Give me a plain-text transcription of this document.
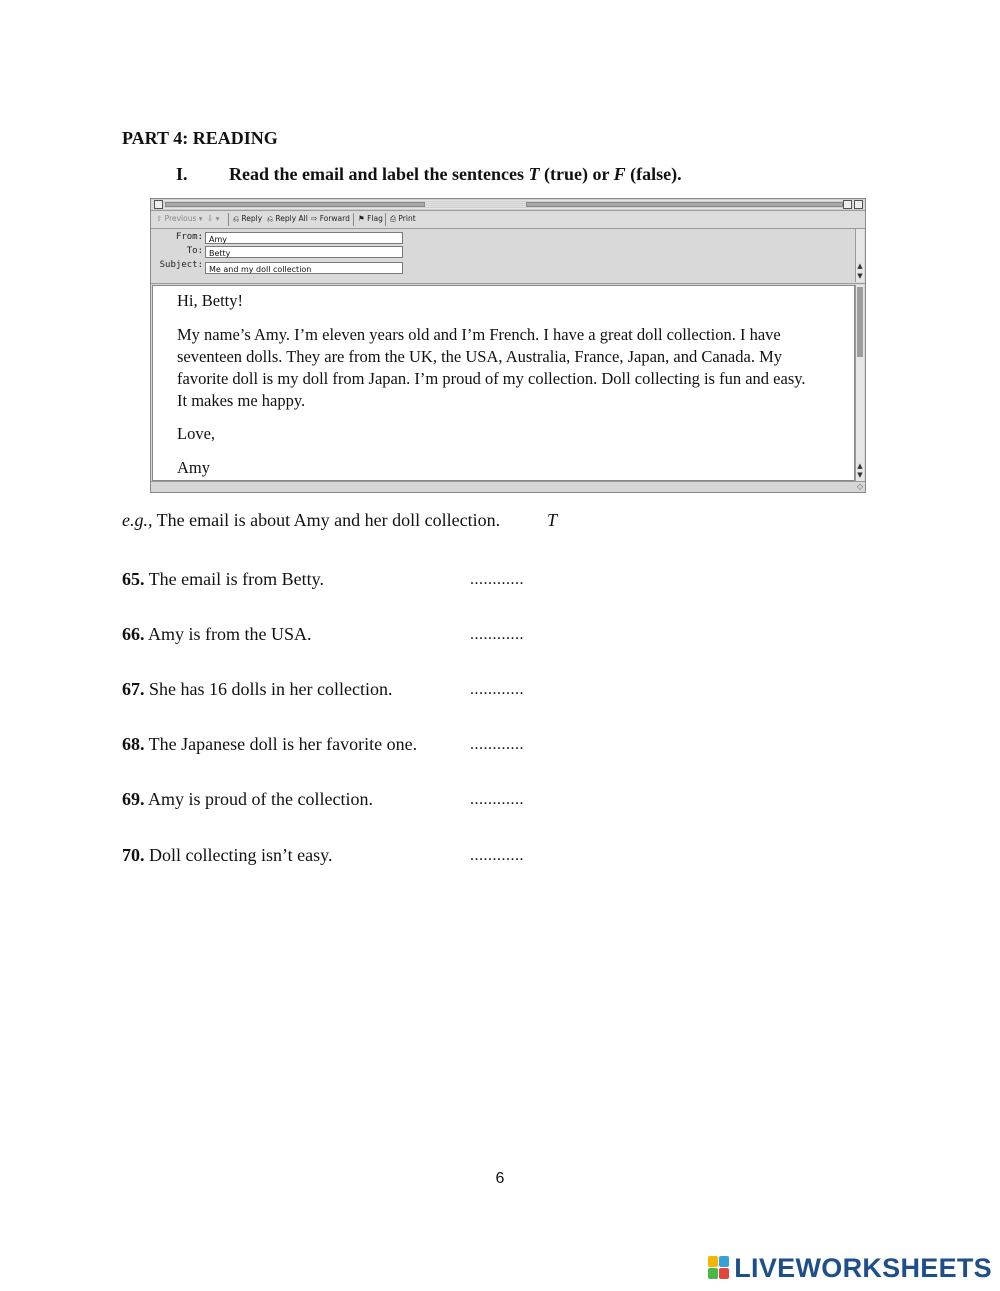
PART 4: READING
I. Read the email and label the sentences T (true) or F (false).
⇧ Previous ▾ ⇩ ▾ ⎌ Reply ⎌ Reply All ⇨ Forward ⚑ Flag ⎙ Print
From: Amy
To: Betty
Subject: Me and my doll collection	▲
▼
Hi, Betty!
My name’s Amy. I’m eleven years old and I’m French. I have a great doll collection. I have
seventeen dolls. They are from the UK, the USA, Australia, France, Japan, and Canada. My
favorite doll is my doll from Japan. I’m proud of my collection. Doll collecting is fun and easy.
It makes me happy.
Love,
Amy	▲
▼
◇
e.g., The email is about Amy and her doll collection.	T
65. The email is from Betty.	............
66. Amy is from the USA.	............
67. She has 16 dolls in her collection.	............
68. The Japanese doll is her favorite one.	............
69. Amy is proud of the collection.	............
70. Doll collecting isn’t easy.	............
6
LIVEWORKSHEETS
